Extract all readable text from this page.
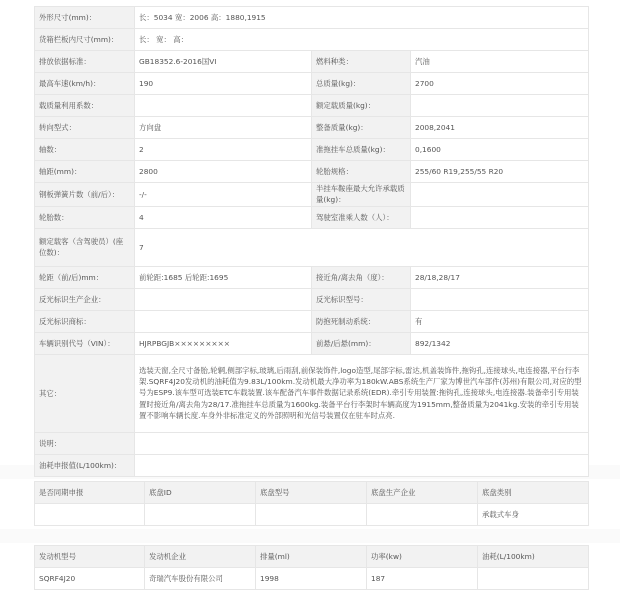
外形尺寸(mm)：	长：5034 宽：2006 高：1880,1915		
货箱栏板内尺寸(mm)：	长： 宽： 高：		
排放依据标准：	GB18352.6-2016国VI	燃料种类：	汽油
最高车速(km/h)：	190	总质量(kg)：	2700
载质量利用系数：		额定载质量(kg)：	
转向型式：	方向盘	整备质量(kg)：	2008,2041
轴数：	2	准拖挂车总质量(kg)：	0,1600
轴距(mm)：	2800	轮胎规格：	255/60 R19,255/55 R20
钢板弹簧片数（前/后）：	-/-	半挂车鞍座最大允许承载质量(kg)：	
轮胎数：	4	驾驶室准乘人数（人）：	
额定载客（含驾驶员）(座位数)：	7		
轮距（前/后)mm：	前轮距:1685 后轮距:1695	接近角/离去角（度）：	28/18,28/17
反光标识生产企业：		反光标识型号：	
反光标识商标：		防抱死制动系统：	有
车辆识别代号（VIN）：	HJRPBGJB×××××××××	前悬/后悬(mm)：	892/1342
其它：	选装天窗,全尺寸备胎,轮辋,侧部字标,玻璃,后雨刮,前保装饰件,logo造型,尾部字标,雷达,机盖装饰件,拖钩孔,连接球头,电连接器,平台行李架.SQRF4J20发动机的油耗值为9.83L/100km.发动机最大净功率为180kW.ABS系统生产厂家为博世汽车部件(苏州)有限公司,对应的型号为ESP9.该车型可选装ETC车载装置.该车配备汽车事件数据记录系统(EDR).牵引专用装置:拖钩孔,连接球头,电连接器.装备牵引专用装置时接近角/离去角为28/17.准拖挂车总质量为1600kg.装备平台行李架时车辆高度为1915mm,整备质量为2041kg.安装的牵引专用装置不影响车辆长度.车身外非标准定义的外部照明和光信号装置仅在驻车时点亮.		
说明：			
油耗申报值(L/100km)：			
是否同期申报	底盘ID	底盘型号	底盘生产企业	底盘类别
				承载式车身
发动机型号	发动机企业	排量(ml)	功率(kw)	油耗(L/100km)
SQRF4J20	奇瑞汽车股份有限公司	1998	187	
